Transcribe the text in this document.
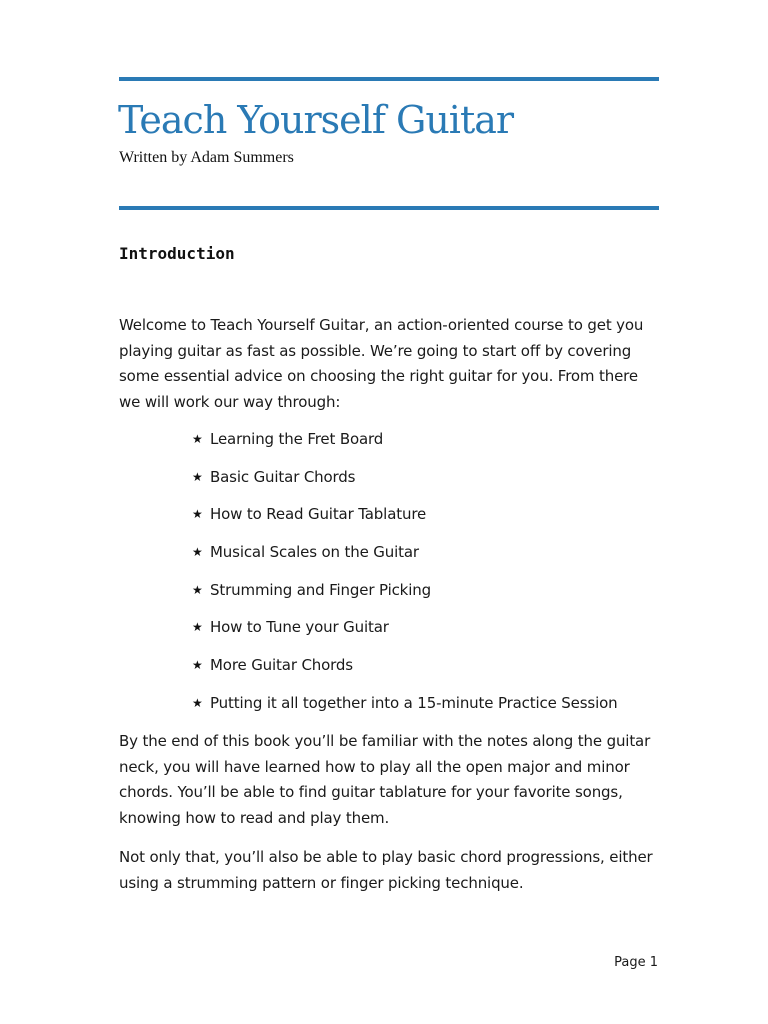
Teach Yourself Guitar

Written by Adam Summers

Introduction

Welcome to Teach Yourself Guitar, an action-oriented course to get you playing guitar as fast as possible. We’re going to start off by covering some essential advice on choosing the right guitar for you. From there we will work our way through:

★ Learning the Fret Board
★ Basic Guitar Chords
★ How to Read Guitar Tablature
★ Musical Scales on the Guitar
★ Strumming and Finger Picking
★ How to Tune your Guitar
★ More Guitar Chords
★ Putting it all together into a 15-minute Practice Session

By the end of this book you’ll be familiar with the notes along the guitar neck, you will have learned how to play all the open major and minor chords. You’ll be able to find guitar tablature for your favorite songs, knowing how to read and play them.

Not only that, you’ll also be able to play basic chord progressions, either using a strumming pattern or finger picking technique.

Page 1
